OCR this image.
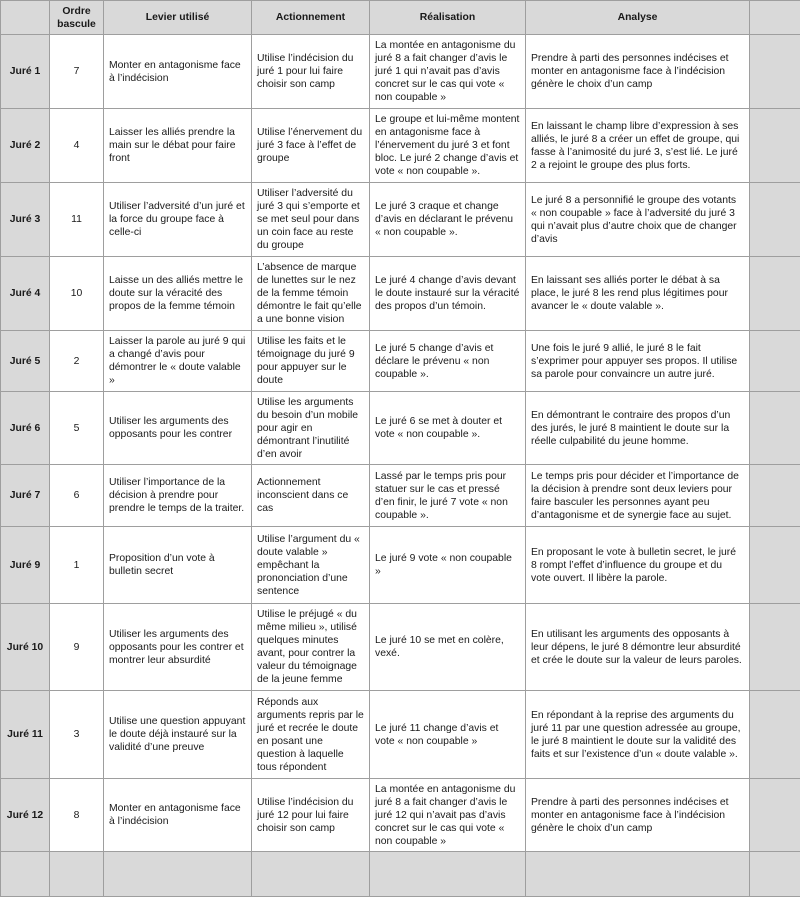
	Ordre bascule	Levier utilisé	Actionnement	Réalisation	Analyse	
Juré 1	7	Monter en antagonisme face à l’indécision	Utilise l’indécision du juré 1 pour lui faire choisir son camp	La montée en antagonisme du juré 8 a fait changer d’avis le juré 1 qui n’avait pas d’avis concret sur le cas qui vote « non coupable »	Prendre à parti des personnes indécises et monter en antagonisme face à l’indécision génère le choix d’un camp	
Juré 2	4	Laisser les alliés prendre la main sur le débat pour faire front	Utilise l’énervement du juré 3 face à l’effet de groupe	Le groupe et lui-même montent en antagonisme face à l’énervement du juré 3 et font bloc. Le juré 2 change d’avis et vote « non coupable ».	En laissant le champ libre d’expression à ses alliés, le juré 8 a créer un effet de groupe, qui fasse à l’animosité du juré 3, s’est lié. Le juré 2 a rejoint le groupe des plus forts.	
Juré 3	11	Utiliser l’adversité d’un juré et la force du groupe face à celle-ci	Utiliser l’adversité du juré 3 qui s’emporte et se met seul pour dans un coin face au reste du groupe	Le juré 3 craque et change d’avis en déclarant le prévenu « non coupable ».	Le juré 8 a personnifié le groupe des votants « non coupable » face à l’adversité du juré 3 qui n’avait plus d’autre choix que de changer d’avis	
Juré 4	10	Laisse un des alliés mettre le doute sur la véracité des propos de la femme témoin	L’absence de marque de lunettes sur le nez de la femme témoin démontre le fait qu’elle a une bonne vision	Le juré 4 change d’avis devant le doute instauré sur la véracité des propos d’un témoin.	En laissant ses alliés porter le débat à sa place, le juré 8 les rend plus légitimes pour avancer le « doute valable ».	
Juré 5	2	Laisser la parole au juré 9 qui a changé d’avis pour démontrer le « doute valable »	Utilise les faits et le témoignage du juré 9 pour appuyer sur le doute	Le juré 5 change d’avis et déclare le prévenu « non coupable ».	Une fois le juré 9 allié, le juré 8 le fait s’exprimer pour appuyer ses propos. Il utilise sa parole pour convaincre un autre juré.	
Juré 6	5	Utiliser les arguments des opposants pour les contrer	Utilise les arguments du besoin d’un mobile pour agir en démontrant l’inutilité d’en avoir	Le juré 6 se met à douter et vote « non coupable ».	En démontrant le contraire des propos d’un des jurés, le juré 8 maintient le doute sur la réelle culpabilité du jeune homme.	
Juré 7	6	Utiliser l’importance de la décision à prendre pour prendre le temps de la traiter.	Actionnement inconscient dans ce cas	Lassé par le temps pris pour statuer sur le cas et pressé d’en finir, le juré 7 vote « non coupable ».	Le temps pris pour décider et l’importance de la décision à prendre sont deux leviers pour faire basculer les personnes ayant peu d’antagonisme et de synergie face au sujet.	
Juré 9	1	Proposition d’un vote à bulletin secret	Utilise l’argument du « doute valable » empêchant la prononciation d’une sentence	Le juré 9 vote « non coupable »	En proposant le vote à bulletin secret, le juré 8 rompt l’effet d’influence du groupe et du vote ouvert. Il libère la parole.	
Juré 10	9	Utiliser les arguments des opposants pour les contrer et montrer leur absurdité	Utilise le préjugé « du même milieu », utilisé quelques minutes avant, pour contrer la valeur du témoignage de la jeune femme	Le juré 10 se met en colère, vexé.	En utilisant les arguments des opposants à leur dépens, le juré 8 démontre leur absurdité et crée le doute sur la valeur de leurs paroles.	
Juré 11	3	Utilise une question appuyant le doute déjà instauré sur la validité d’une preuve	Réponds aux arguments repris par le juré et recrée le doute en posant une question à laquelle tous répondent	Le juré 11 change d’avis et vote « non coupable »	En répondant à la reprise des arguments du juré 11 par une question adressée au groupe, le juré 8 maintient le doute sur la validité des faits et sur l’existence d’un « doute valable ».	
Juré 12	8	Monter en antagonisme face à l’indécision	Utilise l’indécision du juré 12 pour lui faire choisir son camp	La montée en antagonisme du juré 8 a fait changer d’avis le juré 12 qui n’avait pas d’avis concret sur le cas qui vote « non coupable »	Prendre à parti des personnes indécises et monter en antagonisme face à l’indécision génère le choix d’un camp	
